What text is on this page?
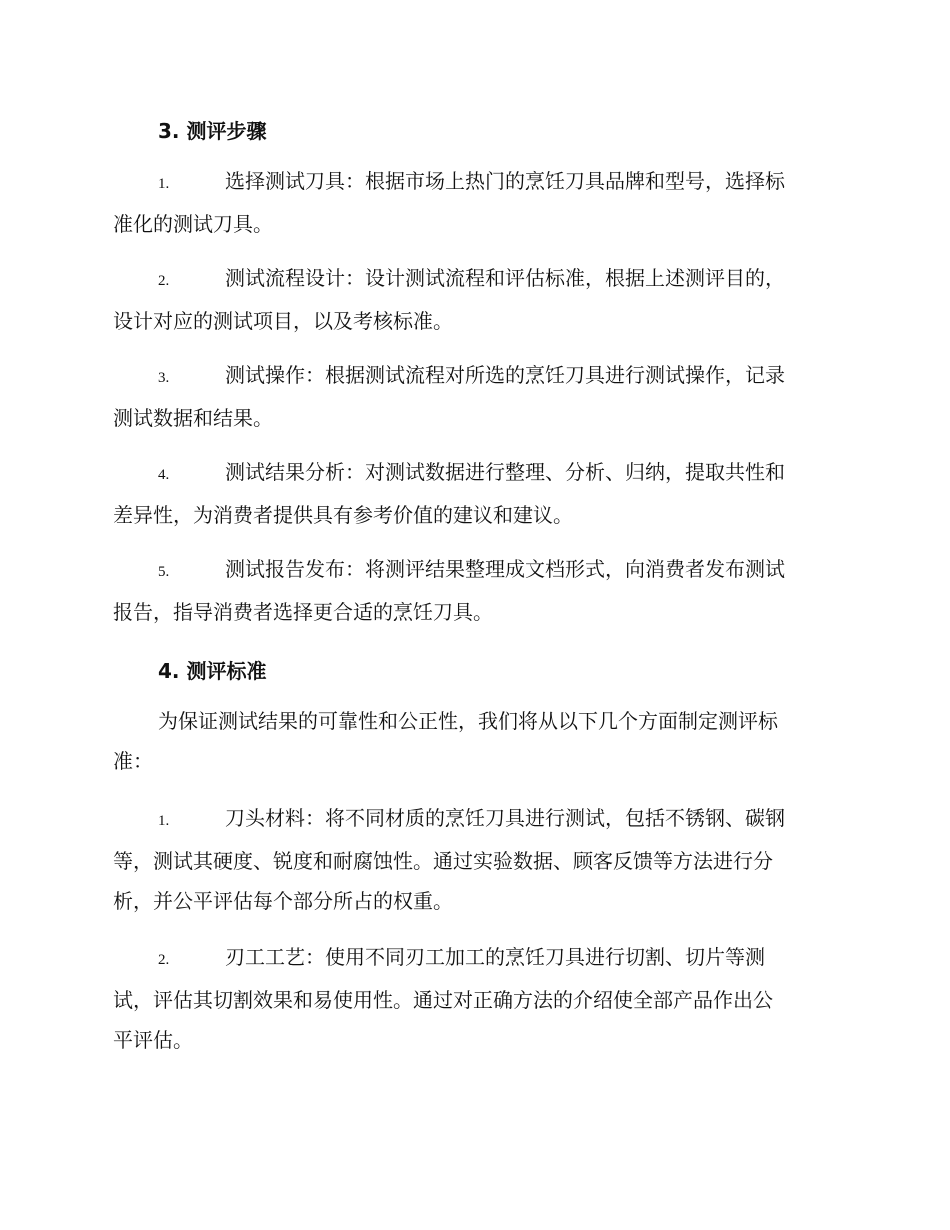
3. 测评步骤
1.	选择测试刀具：根据市场上热门的烹饪刀具品牌和型号，选择标
准化的测试刀具。
2.	测试流程设计：设计测试流程和评估标准，根据上述测评目的，
设计对应的测试项目，以及考核标准。
3.	测试操作：根据测试流程对所选的烹饪刀具进行测试操作，记录
测试数据和结果。
4.	测试结果分析：对测试数据进行整理、分析、归纳，提取共性和
差异性，为消费者提供具有参考价值的建议和建议。
5.	测试报告发布：将测评结果整理成文档形式，向消费者发布测试
报告，指导消费者选择更合适的烹饪刀具。
4. 测评标准
为保证测试结果的可靠性和公正性，我们将从以下几个方面制定测评标
准：
1.	刀头材料：将不同材质的烹饪刀具进行测试，包括不锈钢、碳钢
等，测试其硬度、锐度和耐腐蚀性。通过实验数据、顾客反馈等方法进行分
析，并公平评估每个部分所占的权重。
2.	刃工工艺：使用不同刃工加工的烹饪刀具进行切割、切片等测
试，评估其切割效果和易使用性。通过对正确方法的介绍使全部产品作出公
平评估。
